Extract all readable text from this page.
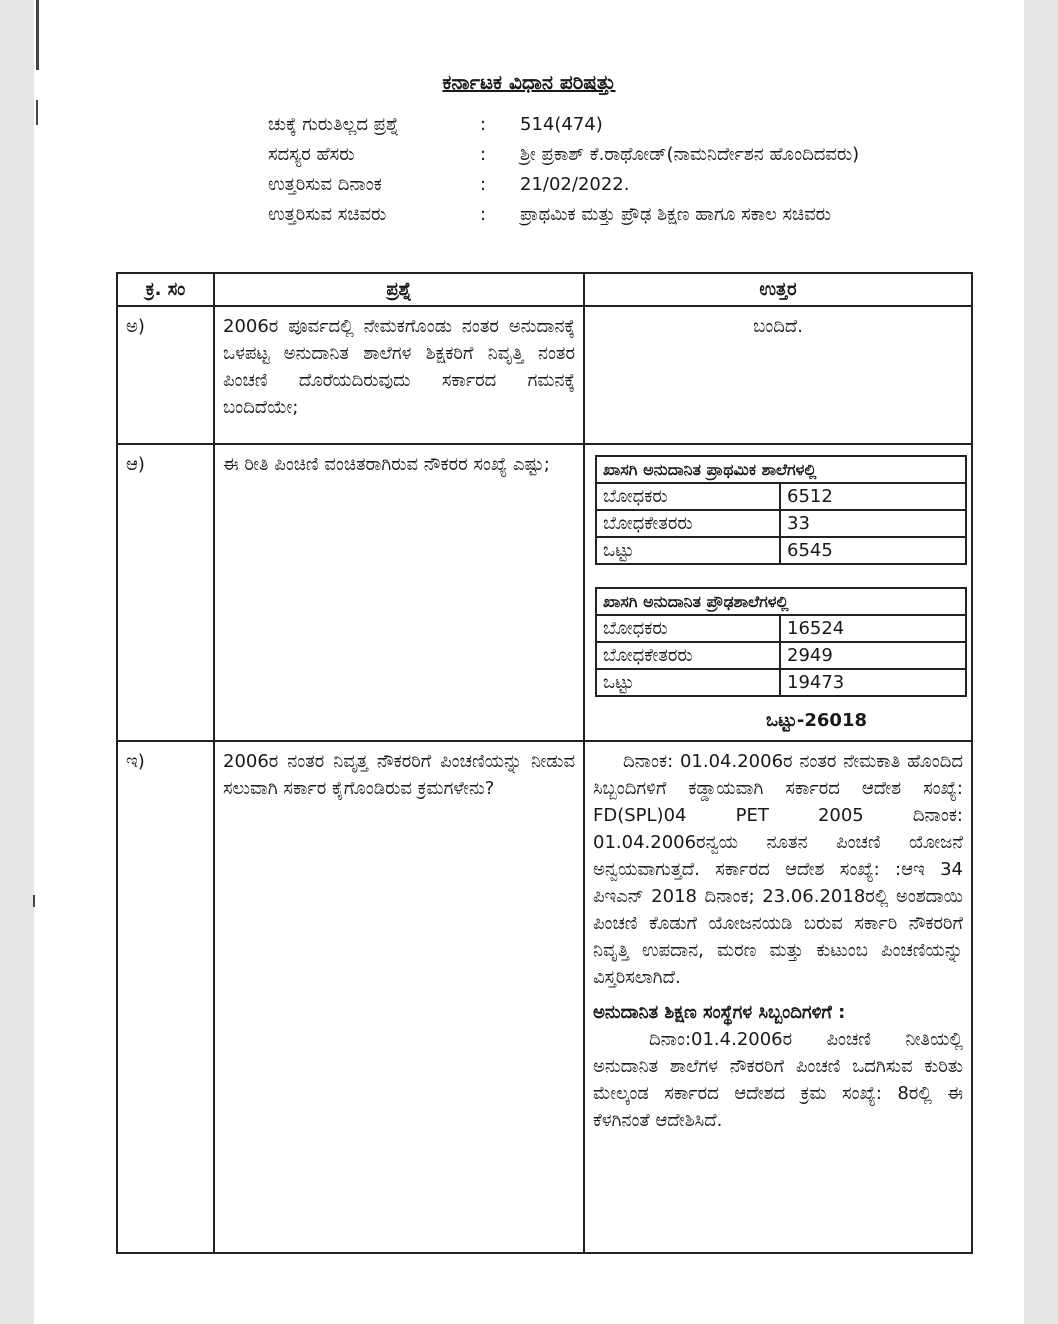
ಕರ್ನಾಟಕ ವಿಧಾನ ಪರಿಷತ್ತು
ಚುಕ್ಕೆ ಗುರುತಿಲ್ಲದ ಪ್ರಶ್ನೆ	:	514(474)
ಸದಸ್ಯರ ಹೆಸರು	:	ಶ್ರೀ ಪ್ರಕಾಶ್ ಕೆ.ರಾಥೋಡ್(ನಾಮನಿರ್ದೇಶನ ಹೊಂದಿದವರು)
ಉತ್ತರಿಸುವ ದಿನಾಂಕ	:	21/02/2022.
ಉತ್ತರಿಸುವ ಸಚಿವರು	:	ಪ್ರಾಥಮಿಕ ಮತ್ತು ಪ್ರೌಢ ಶಿಕ್ಷಣ ಹಾಗೂ ಸಕಾಲ ಸಚಿವರು
ಕ್ರ. ಸಂ	ಪ್ರಶ್ನೆ	ಉತ್ತರ
ಅ)	2006ರ ಪೂರ್ವದಲ್ಲಿ ನೇಮಕಗೊಂಡು ನಂತರ ಅನುದಾನಕ್ಕೆ ಒಳಪಟ್ಟ ಅನುದಾನಿತ ಶಾಲೆಗಳ ಶಿಕ್ಷಕರಿಗೆ ನಿವೃತ್ತಿ ನಂತರ ಪಿಂಚಣಿ ದೊರೆಯದಿರುವುದು ಸರ್ಕಾರದ ಗಮನಕ್ಕೆ ಬಂದಿದೆಯೇ;	ಬಂದಿದೆ.
ಆ)	ಈ ರೀತಿ ಪಿಂಚಿಣಿ ವಂಚಿತರಾಗಿರುವ ನೌಕರರ ಸಂಖ್ಯೆ ಎಷ್ಟು;		ಖಾಸಗಿ ಅನುದಾನಿತ ಪ್ರಾಥಮಿಕ ಶಾಲೆಗಳಲ್ಲಿ
ಬೋಧಕರು	6512
ಬೋಧಕೇತರರು	33
ಒಟ್ಟು	6545
ಖಾಸಗಿ ಅನುದಾನಿತ ಪ್ರೌಢಶಾಲೆಗಳಲ್ಲಿ
ಬೋಧಕರು	16524
ಬೋಧಕೇತರರು	2949
ಒಟ್ಟು	19473
ಒಟ್ಟು-26018

ಇ)	2006ರ ನಂತರ ನಿವೃತ್ತ ನೌಕರರಿಗೆ ಪಿಂಚಣಿಯನ್ನು ನೀಡುವ ಸಲುವಾಗಿ ಸರ್ಕಾರ ಕೈಗೊಂಡಿರುವ ಕ್ರಮಗಳೇನು?	

ದಿನಾಂಕ: 01.04.2006ರ ನಂತರ ನೇಮಕಾತಿ ಹೊಂದಿದ ಸಿಬ್ಬಂದಿಗಳಿಗೆ ಕಡ್ಡಾಯವಾಗಿ ಸರ್ಕಾರದ ಆದೇಶ ಸಂಖ್ಯೆ: FD(SPL)04 PET 2005 ದಿನಾಂಕ: 01.04.2006ರನ್ವಯ ನೂತನ ಪಿಂಚಣಿ ಯೋಜನೆ ಅನ್ವಯವಾಗುತ್ತದೆ. ಸರ್ಕಾರದ ಆದೇಶ ಸಂಖ್ಯೆ: :ಆಇ 34 ಪಿಇಎನ್ 2018 ದಿನಾಂಕ; 23.06.2018ರಲ್ಲಿ ಅಂಶದಾಯಿ ಪಿಂಚಣಿ ಕೊಡುಗೆ ಯೋಜನಯಡಿ ಬರುವ ಸರ್ಕಾರಿ ನೌಕರರಿಗೆ ನಿವೃತ್ತಿ ಉಪದಾನ, ಮರಣ ಮತ್ತು ಕುಟುಂಬ ಪಿಂಚಣಿಯನ್ನು ವಿಸ್ತರಿಸಲಾಗಿದೆ.

ಅನುದಾನಿತ ಶಿಕ್ಷಣ ಸಂಸ್ಥೆಗಳ ಸಿಬ್ಬಂದಿಗಳಿಗೆ :

ದಿನಾಂ:01.4.2006ರ ಪಿಂಚಣಿ ನೀತಿಯಲ್ಲಿ ಅನುದಾನಿತ ಶಾಲೆಗಳ ನೌಕರರಿಗೆ ಪಿಂಚಣಿ ಒದಗಿಸುವ ಕುರಿತು ಮೇಲ್ಕಂಡ ಸರ್ಕಾರದ ಆದೇಶದ ಕ್ರಮ ಸಂಖ್ಯೆ: 8ರಲ್ಲಿ ಈ ಕೆಳಗಿನಂತೆ ಆದೇಶಿಸಿದೆ.
